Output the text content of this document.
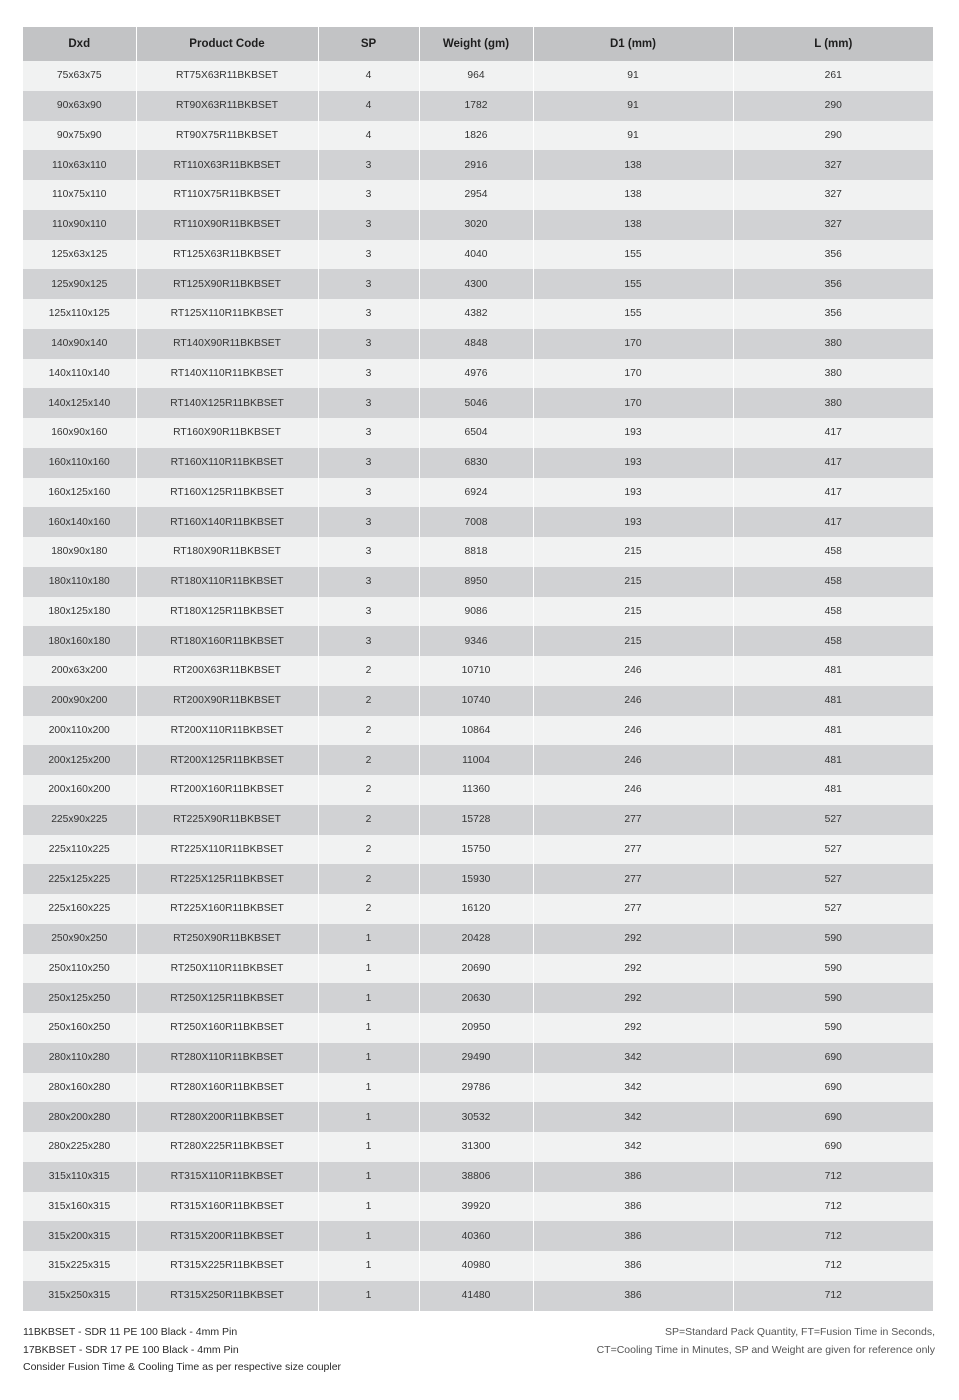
Dxd	Product Code	SP	Weight (gm)	D1 (mm)	L (mm)
75x63x75	RT75X63R11BKBSET	4	964	91	261
90x63x90	RT90X63R11BKBSET	4	1782	91	290
90x75x90	RT90X75R11BKBSET	4	1826	91	290
110x63x110	RT110X63R11BKBSET	3	2916	138	327
110x75x110	RT110X75R11BKBSET	3	2954	138	327
110x90x110	RT110X90R11BKBSET	3	3020	138	327
125x63x125	RT125X63R11BKBSET	3	4040	155	356
125x90x125	RT125X90R11BKBSET	3	4300	155	356
125x110x125	RT125X110R11BKBSET	3	4382	155	356
140x90x140	RT140X90R11BKBSET	3	4848	170	380
140x110x140	RT140X110R11BKBSET	3	4976	170	380
140x125x140	RT140X125R11BKBSET	3	5046	170	380
160x90x160	RT160X90R11BKBSET	3	6504	193	417
160x110x160	RT160X110R11BKBSET	3	6830	193	417
160x125x160	RT160X125R11BKBSET	3	6924	193	417
160x140x160	RT160X140R11BKBSET	3	7008	193	417
180x90x180	RT180X90R11BKBSET	3	8818	215	458
180x110x180	RT180X110R11BKBSET	3	8950	215	458
180x125x180	RT180X125R11BKBSET	3	9086	215	458
180x160x180	RT180X160R11BKBSET	3	9346	215	458
200x63x200	RT200X63R11BKBSET	2	10710	246	481
200x90x200	RT200X90R11BKBSET	2	10740	246	481
200x110x200	RT200X110R11BKBSET	2	10864	246	481
200x125x200	RT200X125R11BKBSET	2	11004	246	481
200x160x200	RT200X160R11BKBSET	2	11360	246	481
225x90x225	RT225X90R11BKBSET	2	15728	277	527
225x110x225	RT225X110R11BKBSET	2	15750	277	527
225x125x225	RT225X125R11BKBSET	2	15930	277	527
225x160x225	RT225X160R11BKBSET	2	16120	277	527
250x90x250	RT250X90R11BKBSET	1	20428	292	590
250x110x250	RT250X110R11BKBSET	1	20690	292	590
250x125x250	RT250X125R11BKBSET	1	20630	292	590
250x160x250	RT250X160R11BKBSET	1	20950	292	590
280x110x280	RT280X110R11BKBSET	1	29490	342	690
280x160x280	RT280X160R11BKBSET	1	29786	342	690
280x200x280	RT280X200R11BKBSET	1	30532	342	690
280x225x280	RT280X225R11BKBSET	1	31300	342	690
315x110x315	RT315X110R11BKBSET	1	38806	386	712
315x160x315	RT315X160R11BKBSET	1	39920	386	712
315x200x315	RT315X200R11BKBSET	1	40360	386	712
315x225x315	RT315X225R11BKBSET	1	40980	386	712
315x250x315	RT315X250R11BKBSET	1	41480	386	712
11BKBSET - SDR 11 PE 100 Black - 4mm Pin
17BKBSET - SDR 17 PE 100 Black - 4mm Pin
Consider Fusion Time & Cooling Time as per respective size coupler
SP=Standard Pack Quantity, FT=Fusion Time in Seconds,
CT=Cooling Time in Minutes, SP and Weight are given for reference only
